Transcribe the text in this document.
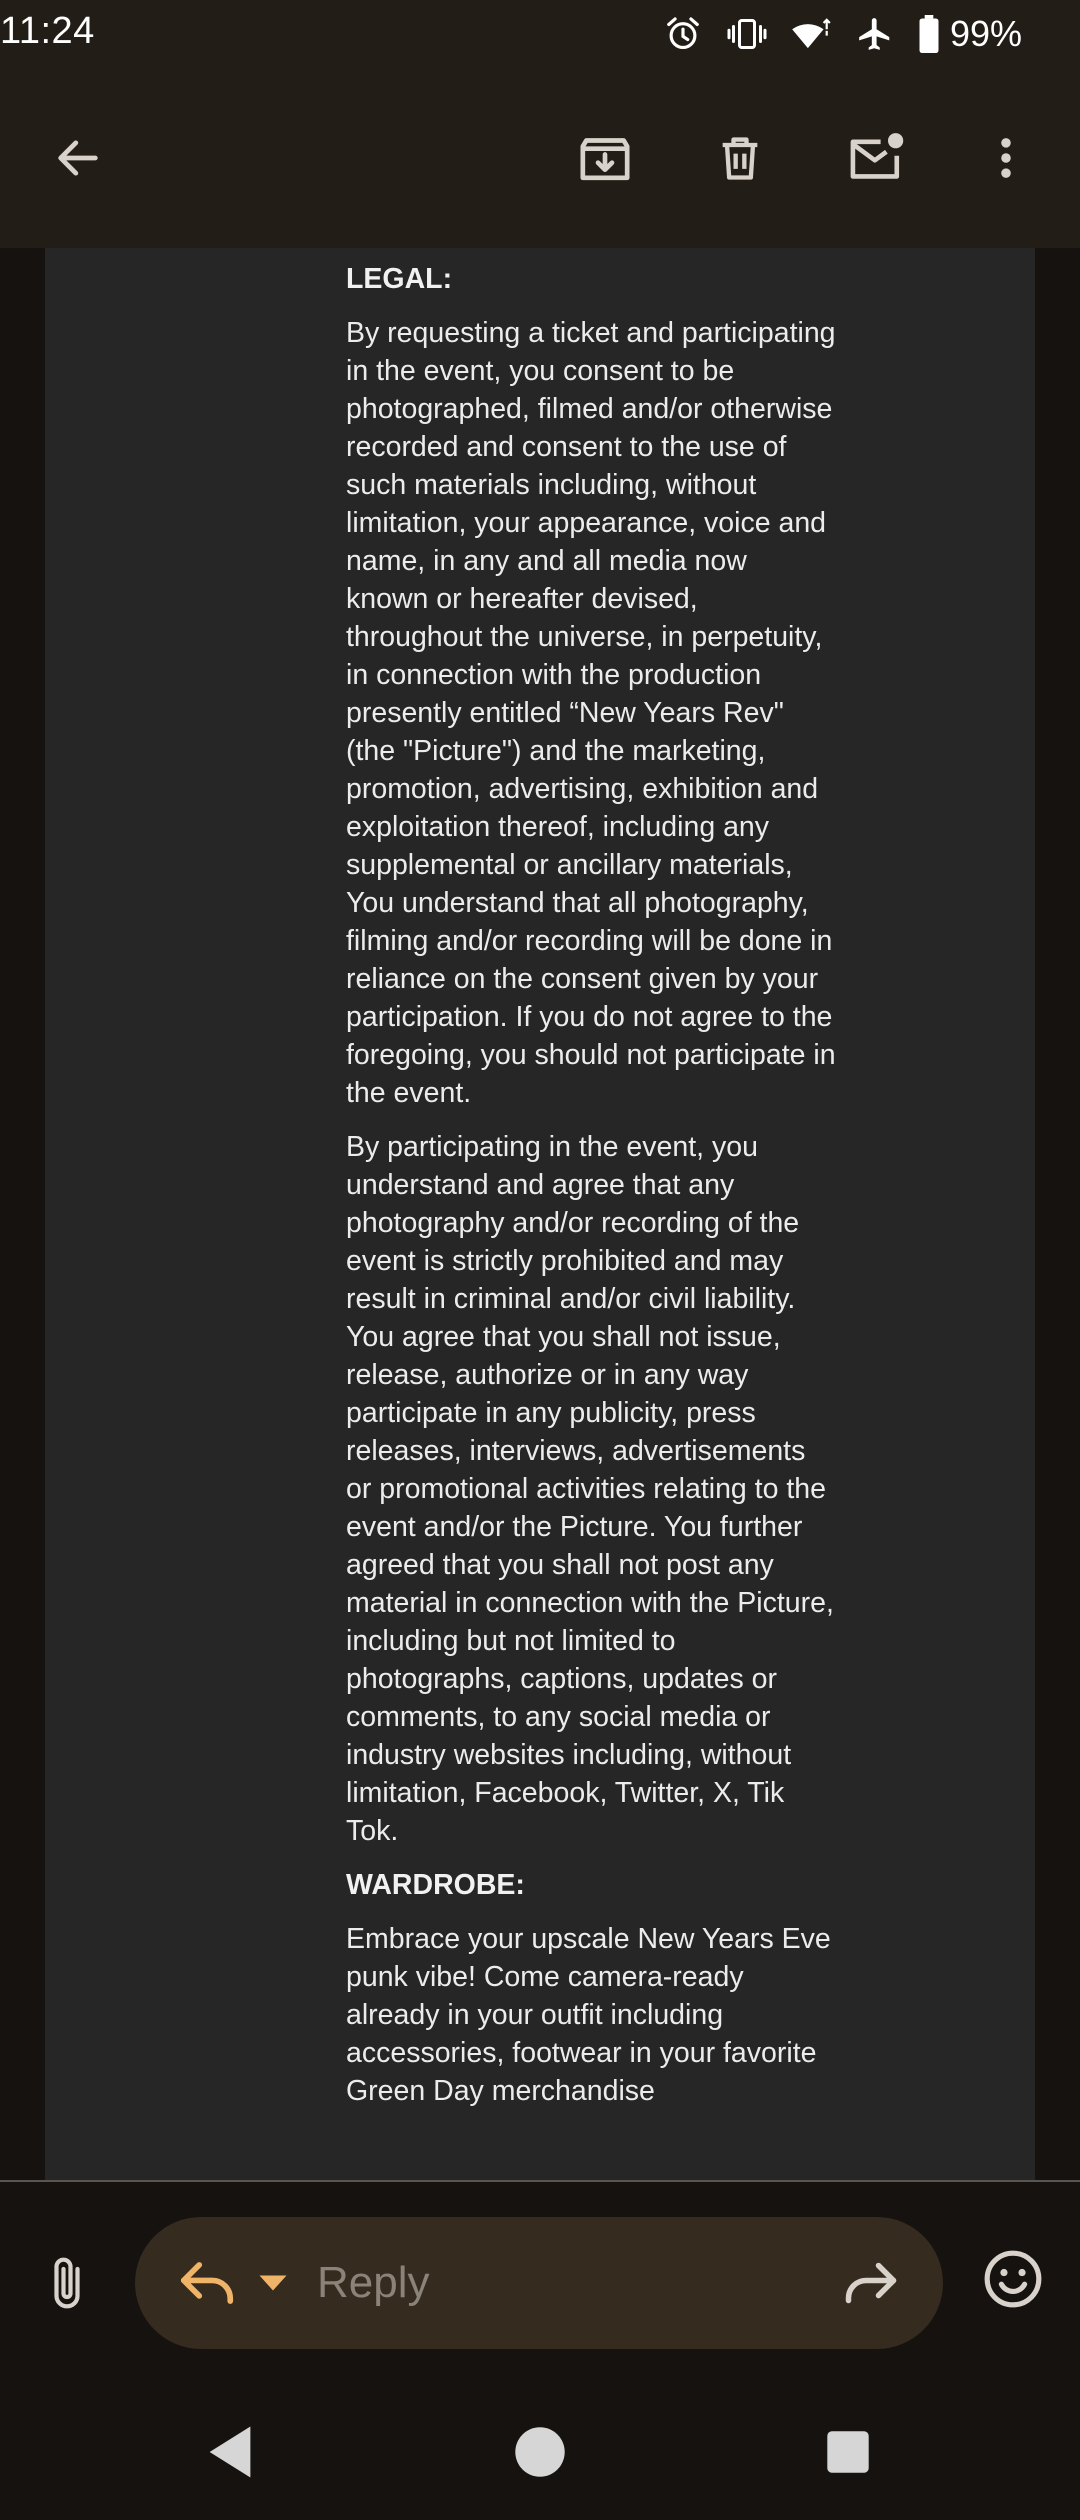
11:24	99%

LEGAL:

By requesting a ticket and participating in the event, you consent to be photographed, filmed and/or otherwise recorded and consent to the use of such materials including, without limitation, your appearance, voice and name, in any and all media now known or hereafter devised, throughout the universe, in perpetuity, in connection with the production presently entitled “New Years Rev" (the "Picture") and the marketing, promotion, advertising, exhibition and exploitation thereof, including any supplemental or ancillary materials, You understand that all photography, filming and/or recording will be done in reliance on the consent given by your participation. If you do not agree to the foregoing, you should not participate in the event.

By participating in the event, you understand and agree that any photography and/or recording of the event is strictly prohibited and may result in criminal and/or civil liability. You agree that you shall not issue, release, authorize or in any way participate in any publicity, press releases, interviews, advertisements or promotional activities relating to the event and/or the Picture. You further agreed that you shall not post any material in connection with the Picture, including but not limited to photographs, captions, updates or comments, to any social media or industry websites including, without limitation, Facebook, Twitter, X, Tik Tok.

WARDROBE:

Embrace your upscale New Years Eve punk vibe! Come camera-ready already in your outfit including accessories, footwear in your favorite Green Day merchandise

Reply
